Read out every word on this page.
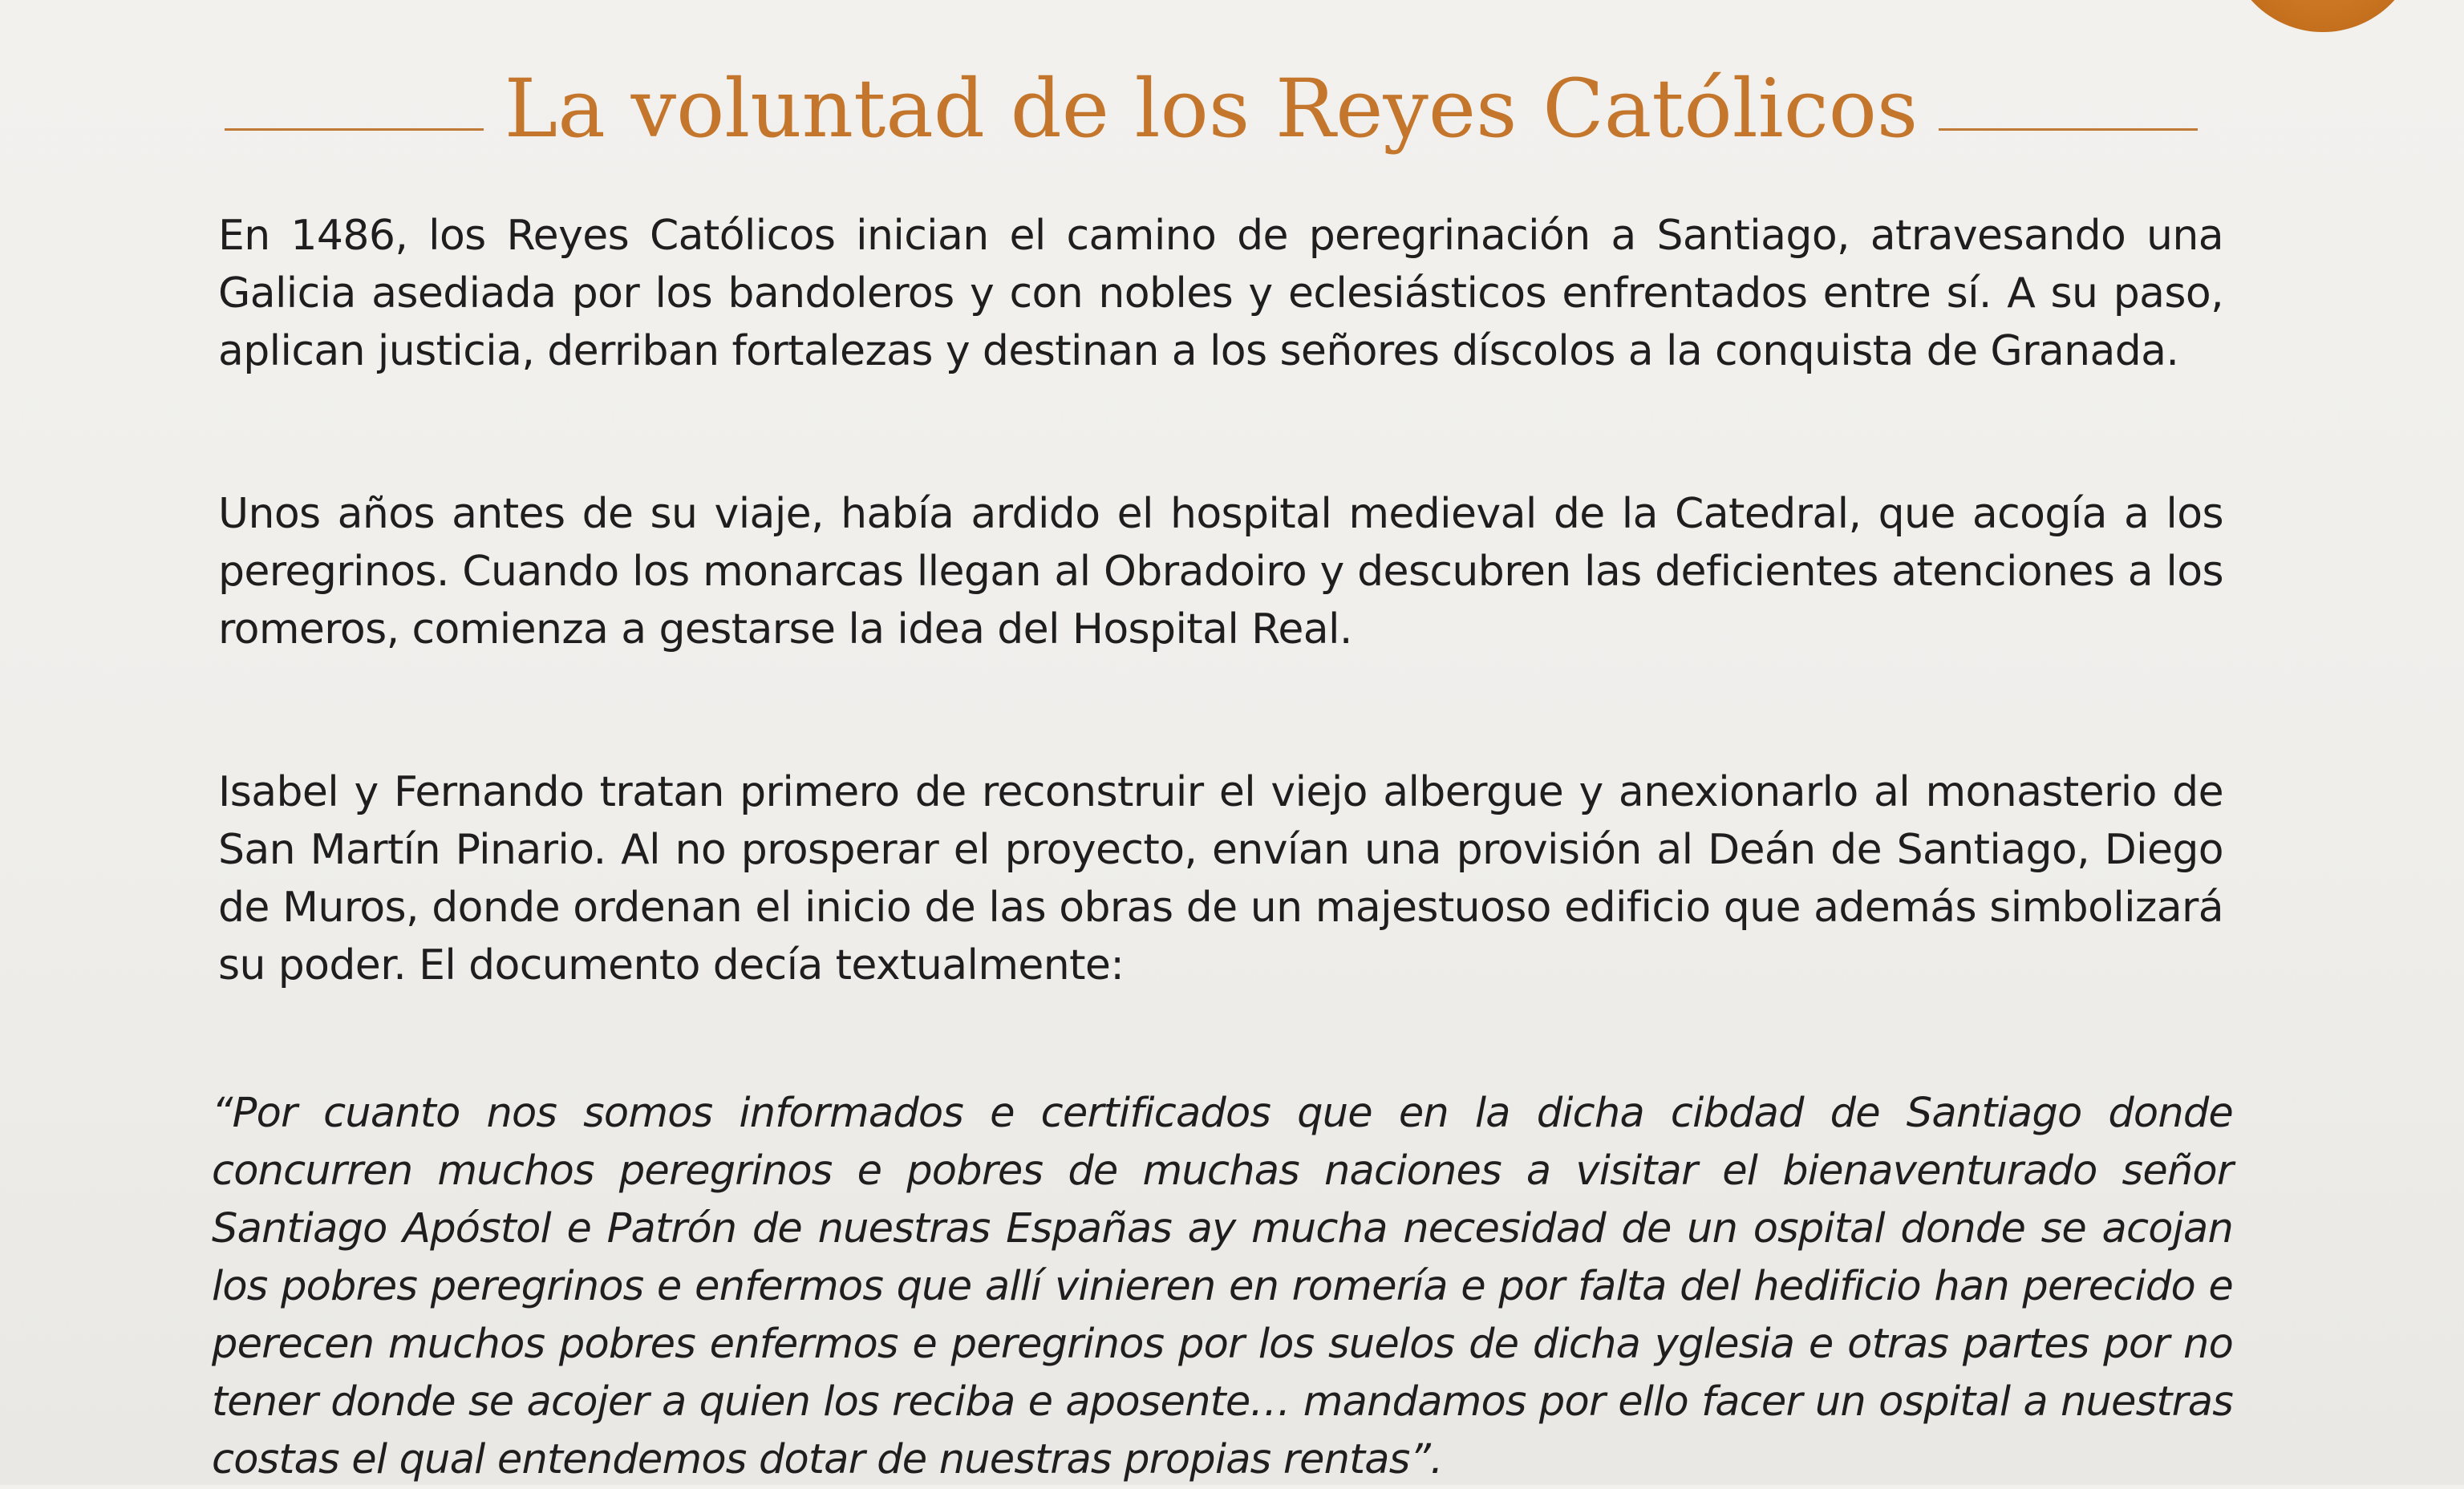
La voluntad de los Reyes Católicos

En 1486, los Reyes Católicos inician el camino de peregrinación a Santiago, atravesando una Galicia asediada por los bandoleros y con nobles y eclesiásticos enfrentados entre sí. A su paso, aplican justicia, derriban fortalezas y destinan a los señores díscolos a la conquista de Granada.

Unos años antes de su viaje, había ardido el hospital medieval de la Catedral, que acogía a los peregrinos. Cuando los monarcas llegan al Obradoiro y descubren las deficientes atenciones a los romeros, comienza a gestarse la idea del Hospital Real.

Isabel y Fernando tratan primero de reconstruir el viejo albergue y anexionarlo al monasterio de San Martín Pinario. Al no prosperar el proyecto, envían una provisión al Deán de Santiago, Diego de Muros, donde ordenan el inicio de las obras de un majestuoso edificio que además simbolizará su poder. El documento decía textualmente:

“Por cuanto nos somos informados e certificados que en la dicha cibdad de Santiago donde concurren muchos peregrinos e pobres de muchas naciones a visitar el bienaventurado señor Santiago Apóstol e Patrón de nuestras Españas ay mucha necesidad de un ospital donde se acojan los pobres peregrinos e enfermos que allí vinieren en romería e por falta del hedificio han perecido e perecen muchos pobres enfermos e peregrinos por los suelos de dicha yglesia e otras partes por no tener donde se acojer a quien los reciba e aposente… mandamos por ello facer un ospital a nuestras costas el qual entendemos dotar de nuestras propias rentas”.
